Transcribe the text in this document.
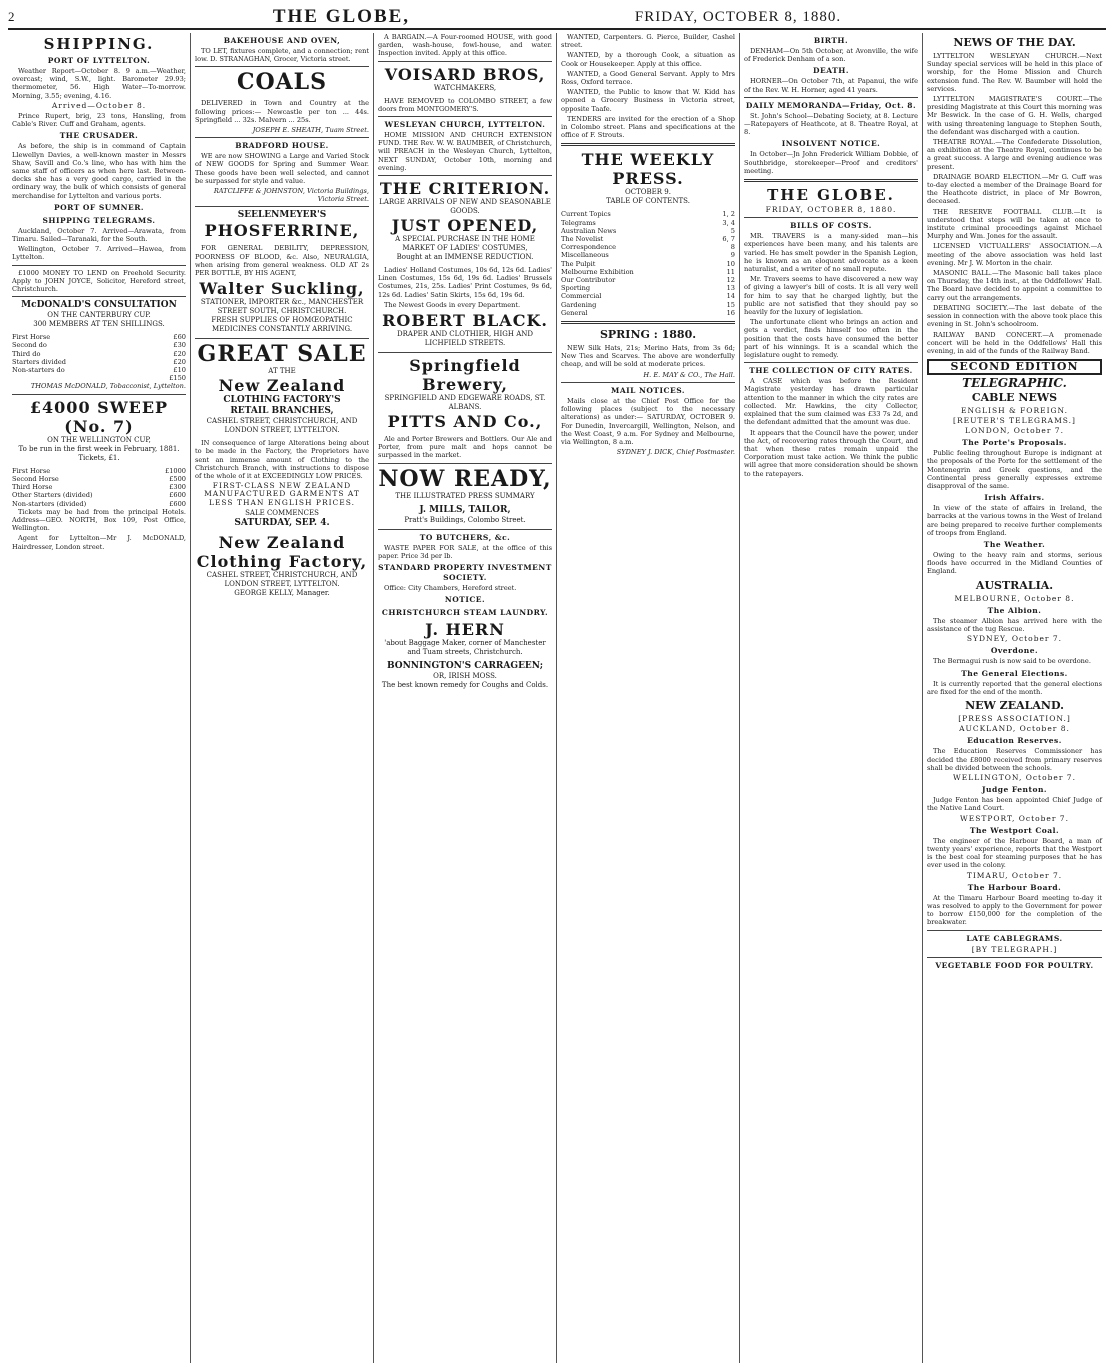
2	THE GLOBE,	FRIDAY, OCTOBER 8, 1880.
SHIPPING.
PORT OF LYTTELTON.

Weather Report—October 8. 9 a.m.—Weather, overcast; wind, S.W., light. Barometer 29.93; thermometer, 56. High Water—To-morrow. Morning, 3.55; evening, 4.16.

Arrived—October 8.

Prince Rupert, brig, 23 tons, Hansling, from Cable's River. Cuff and Graham, agents.

THE CRUSADER.

As before, the ship is in command of Captain Llewellyn Davies, a well-known master in Messrs Shaw, Savill and Co.'s line, who has with him the same staff of officers as when here last. Between-decks she has a very good cargo, carried in the ordinary way, the bulk of which consists of general merchandise for Lyttelton and various ports.

PORT OF SUMNER.
SHIPPING TELEGRAMS.

Auckland, October 7. Arrived—Arawata, from Timaru. Sailed—Taranaki, for the South.

Wellington, October 7. Arrived—Hawea, from Lyttelton.

£1000 MONEY TO LEND on Freehold Security. Apply to JOHN JOYCE, Solicitor, Hereford street, Christchurch.

McDONALD'S CONSULTATION
ON THE CANTERBURY CUP.
300 MEMBERS AT TEN SHILLINGS.
First Horse	£60
Second do	£30
Third do	£20
Starters divided	£20
Non-starters do	£10
£150
THOMAS McDONALD, Tobacconist, Lyttelton.
£4000 SWEEP (No. 7)
ON THE WELLINGTON CUP,
To be run in the first week in February, 1881.
Tickets, £1.
First Horse	£1000
Second Horse	£500
Third Horse	£300
Other Starters (divided)	£600
Non-starters (divided)	£600

Tickets may be had from the principal Hotels. Address—GEO. NORTH, Box 109, Post Office, Wellington.

Agent for Lyttelton—Mr J. McDONALD, Hairdresser, London street.

BAKEHOUSE AND OVEN,

TO LET, fixtures complete, and a connection; rent low. D. STRANAGHAN, Grocer, Victoria street.

COALS

DELIVERED in Town and Country at the following prices:— Newcastle per ton ... 44s. Springfield ... 32s. Malvern ... 25s.

JOSEPH E. SHEATH, Tuam Street.
BRADFORD HOUSE.

WE are now SHOWING a Large and Varied Stock of NEW GOODS for Spring and Summer Wear. These goods have been well selected, and cannot be surpassed for style and value.

RATCLIFFE & JOHNSTON, Victoria Buildings, Victoria Street.
SEELENMEYER'S
PHOSFERRINE,

FOR GENERAL DEBILITY, DEPRESSION, POORNESS OF BLOOD, &c. Also, NEURALGIA, when arising from general weakness. OLD AT 2s PER BOTTLE, BY HIS AGENT,

Walter Suckling,
STATIONER, IMPORTER &c., MANCHESTER STREET SOUTH, CHRISTCHURCH.
FRESH SUPPLIES OF HOMŒOPATHIC MEDICINES CONSTANTLY ARRIVING.
GREAT SALE
AT THE
New Zealand
CLOTHING FACTORY'S
RETAIL BRANCHES,
CASHEL STREET, CHRISTCHURCH, AND LONDON STREET, LYTTELTON.

IN consequence of large Alterations being about to be made in the Factory, the Proprietors have sent an immense amount of Clothing to the Christchurch Branch, with instructions to dispose of the whole of it at EXCEEDINGLY LOW PRICES.

FIRST-CLASS NEW ZEALAND MANUFACTURED GARMENTS AT LESS THAN ENGLISH PRICES.
SALE COMMENCES
SATURDAY, SEP. 4.
New Zealand Clothing Factory,
CASHEL STREET, CHRISTCHURCH, AND LONDON STREET, LYTTELTON.
GEORGE KELLY, Manager.

A BARGAIN.—A Four-roomed HOUSE, with good garden, wash-house, fowl-house, and water. Inspection invited. Apply at this office.

VOISARD BROS,
WATCHMAKERS,

HAVE REMOVED to COLOMBO STREET, a few doors from MONTGOMERY'S.

WESLEYAN CHURCH, LYTTELTON.

HOME MISSION AND CHURCH EXTENSION FUND. THE Rev. W. W. BAUMBER, of Christchurch, will PREACH in the Wesleyan Church, Lyttelton, NEXT SUNDAY, October 10th, morning and evening.

THE CRITERION.
LARGE ARRIVALS OF NEW AND SEASONABLE GOODS.
JUST OPENED,
A SPECIAL PURCHASE IN THE HOME MARKET OF LADIES' COSTUMES,
Bought at an IMMENSE REDUCTION.

Ladies' Holland Costumes, 10s 6d, 12s 6d. Ladies' Linen Costumes, 15s 6d, 19s 6d. Ladies' Brussels Costumes, 21s, 25s. Ladies' Print Costumes, 9s 6d, 12s 6d. Ladies' Satin Skirts, 15s 6d, 19s 6d.

The Newest Goods in every Department.

ROBERT BLACK.
DRAPER AND CLOTHIER, HIGH AND LICHFIELD STREETS.
Springfield Brewery,
SPRINGFIELD AND EDGEWARE ROADS, ST. ALBANS.
PITTS AND Co.,

Ale and Porter Brewers and Bottlers. Our Ale and Porter, from pure malt and hops cannot be surpassed in the market.

NOW READY,
THE ILLUSTRATED PRESS SUMMARY
J. MILLS, TAILOR,
Pratt's Buildings, Colombo Street.
TO BUTCHERS, &c.

WASTE PAPER FOR SALE, at the office of this paper. Price 3d per lb.

STANDARD PROPERTY INVESTMENT SOCIETY.

Office: City Chambers, Hereford street.

NOTICE.
CHRISTCHURCH STEAM LAUNDRY.
J. HERN
'about Baggage Maker, corner of Manchester and Tuam streets, Christchurch.
BONNINGTON'S CARRAGEEN;
OR, IRISH MOSS.
The best known remedy for Coughs and Colds.

WANTED, Carpenters. G. Pierce, Builder, Cashel street.

WANTED, by a thorough Cook, a situation as Cook or Housekeeper. Apply at this office.

WANTED, a Good General Servant. Apply to Mrs Ross, Oxford terrace.

WANTED, the Public to know that W. Kidd has opened a Grocery Business in Victoria street, opposite Taafe.

TENDERS are invited for the erection of a Shop in Colombo street. Plans and specifications at the office of F. Strouts.

THE WEEKLY PRESS.
OCTOBER 9.
TABLE OF CONTENTS.
Current Topics	1, 2
Telegrams	3, 4
Australian News	5
The Novelist	6, 7
Correspondence	8
Miscellaneous	9
The Pulpit	10
Melbourne Exhibition	11
Our Contributor	12
Sporting	13
Commercial	14
Gardening	15
General	16
SPRING : 1880.

NEW Silk Hats, 21s; Merino Hats, from 3s 6d; New Ties and Scarves. The above are wonderfully cheap, and will be sold at moderate prices.

H. E. MAY & CO., The Hall.
MAIL NOTICES.

Mails close at the Chief Post Office for the following places (subject to the necessary alterations) as under:— SATURDAY, OCTOBER 9. For Dunedin, Invercargill, Wellington, Nelson, and the West Coast, 9 a.m. For Sydney and Melbourne, via Wellington, 8 a.m.

SYDNEY J. DICK, Chief Postmaster.
BIRTH.

DENHAM—On 5th October, at Avonville, the wife of Frederick Denham of a son.

DEATH.

HORNER—On October 7th, at Papanui, the wife of the Rev. W. H. Horner, aged 41 years.

DAILY MEMORANDA—Friday, Oct. 8.

St. John's School—Debating Society, at 8. Lecture—Ratepayers of Heathcote, at 8. Theatre Royal, at 8.

INSOLVENT NOTICE.

In October—Jn John Frederick William Dobbie, of Southbridge, storekeeper—Proof and creditors' meeting.

THE GLOBE.
FRIDAY, OCTOBER 8, 1880.
BILLS OF COSTS.

MR. TRAVERS is a many-sided man—his experiences have been many, and his talents are varied. He has smelt powder in the Spanish Legion, he is known as an eloquent advocate as a keen naturalist, and a writer of no small repute.

Mr. Travers seems to have discovered a new way of giving a lawyer's bill of costs. It is all very well for him to say that he charged lightly, but the public are not satisfied that they should pay so heavily for the luxury of legislation.

The unfortunate client who brings an action and gets a verdict, finds himself too often in the position that the costs have consumed the better part of his winnings. It is a scandal which the legislature ought to remedy.

THE COLLECTION OF CITY RATES.

A CASE which was before the Resident Magistrate yesterday has drawn particular attention to the manner in which the city rates are collected. Mr. Hawkins, the city Collector, explained that the sum claimed was £33 7s 2d, and the defendant admitted that the amount was due.

It appears that the Council have the power, under the Act, of recovering rates through the Court, and that when these rates remain unpaid the Corporation must take action. We think the public will agree that more consideration should be shown to the ratepayers.

NEWS OF THE DAY.

LYTTELTON WESLEYAN CHURCH.—Next Sunday special services will be held in this place of worship, for the Home Mission and Church extension fund. The Rev. W. Baumber will hold the services.

LYTTELTON MAGISTRATE'S COURT.—The presiding Magistrate at this Court this morning was Mr Beswick. In the case of G. H. Wells, charged with using threatening language to Stephen South, the defendant was discharged with a caution.

THEATRE ROYAL.—The Confederate Dissolution, an exhibition at the Theatre Royal, continues to be a great success. A large and evening audience was present.

DRAINAGE BOARD ELECTION.—Mr G. Cuff was to-day elected a member of the Drainage Board for the Heathcote district, in place of Mr Bowron, deceased.

THE RESERVE FOOTBALL CLUB.—It is understood that steps will be taken at once to institute criminal proceedings against Michael Murphy and Wm. Jones for the assault.

LICENSED VICTUALLERS' ASSOCIATION.—A meeting of the above association was held last evening. Mr J. W. Morton in the chair.

MASONIC BALL.—The Masonic ball takes place on Thursday, the 14th inst., at the Oddfellows' Hall. The Board have decided to appoint a committee to carry out the arrangements.

DEBATING SOCIETY.—The last debate of the session in connection with the above took place this evening in St. John's schoolroom.

RAILWAY BAND CONCERT.—A promenade concert will be held in the Oddfellows' Hall this evening, in aid of the funds of the Railway Band.

SECOND EDITION
TELEGRAPHIC.
CABLE NEWS
ENGLISH & FOREIGN.
[REUTER'S TELEGRAMS.]
LONDON, October 7.
The Porte's Proposals.

Public feeling throughout Europe is indignant at the proposals of the Porte for the settlement of the Montenegrin and Greek questions, and the Continental press generally expresses extreme disapproval of the same.

Irish Affairs.

In view of the state of affairs in Ireland, the barracks at the various towns in the West of Ireland are being prepared to receive further complements of troops from England.

The Weather.

Owing to the heavy rain and storms, serious floods have occurred in the Midland Counties of England.

AUSTRALIA.
MELBOURNE, October 8.
The Albion.

The steamer Albion has arrived here with the assistance of the tug Rescue.

SYDNEY, October 7.
Overdone.

The Bermagui rush is now said to be overdone.

The General Elections.

It is currently reported that the general elections are fixed for the end of the month.

NEW ZEALAND.
[PRESS ASSOCIATION.]
AUCKLAND, October 8.
Education Reserves.

The Education Reserves Commissioner has decided the £8000 received from primary reserves shall be divided between the schools.

WELLINGTON, October 7.
Judge Fenton.

Judge Fenton has been appointed Chief Judge of the Native Land Court.

WESTPORT, October 7.
The Westport Coal.

The engineer of the Harbour Board, a man of twenty years' experience, reports that the Westport is the best coal for steaming purposes that he has ever used in the colony.

TIMARU, October 7.
The Harbour Board.

At the Timaru Harbour Board meeting to-day it was resolved to apply to the Government for power to borrow £150,000 for the completion of the breakwater.

LATE CABLEGRAMS.
[BY TELEGRAPH.]
VEGETABLE FOOD FOR POULTRY.
